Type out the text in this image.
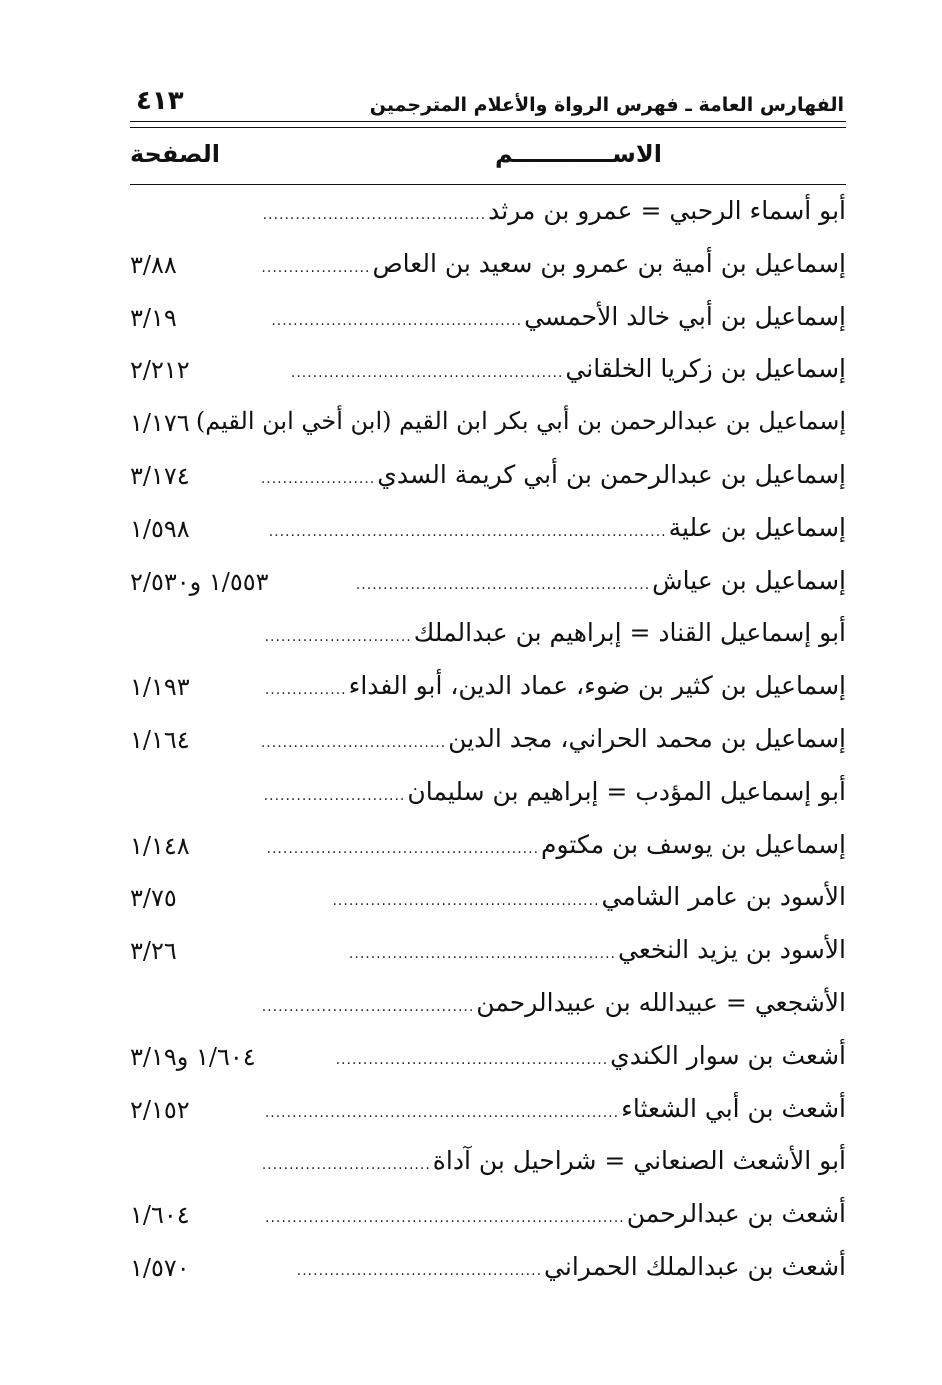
٤١٣	الفهارس العامة ـ فهرس الرواة والأعلام المترجمين
الصفحة	الاســــــــــــم
أبو أسماء الرحبي = عمرو بن مرثد
.........................................
إسماعيل بن أمية بن عمرو بن سعيد بن العاص
....................
٣/٨٨
إسماعيل بن أبي خالد الأحمسي
..............................................
٣/١٩
إسماعيل بن زكريا الخلقاني
..................................................
٢/٢١٢
إسماعيل بن عبدالرحمن بن أبي بكر ابن القيم (ابن أخي ابن القيم)
١/١٧٦
إسماعيل بن عبدالرحمن بن أبي كريمة السدي
.....................
٣/١٧٤
إسماعيل بن علية
.........................................................................
١/٥٩٨
إسماعيل بن عياش
......................................................
١/٥٥٣ و٢/٥٣٠
أبو إسماعيل القناد = إبراهيم بن عبدالملك
...........................
إسماعيل بن كثير بن ضوء، عماد الدين، أبو الفداء
...............
١/١٩٣
إسماعيل بن محمد الحراني، مجد الدين
..................................
١/١٦٤
أبو إسماعيل المؤدب = إبراهيم بن سليمان
..........................
إسماعيل بن يوسف بن مكتوم
..................................................
١/١٤٨
الأسود بن عامر الشامي
.................................................
٣/٧٥
الأسود بن يزيد النخعي
.................................................
٣/٢٦
الأشجعي = عبيدالله بن عبيدالرحمن
.......................................
أشعث بن سوار الكندي
..................................................
١/٦٠٤ و٣/١٩
أشعث بن أبي الشعثاء
.................................................................
٢/١٥٢
أبو الأشعث الصنعاني = شراحيل بن آداة
...............................
أشعث بن عبدالرحمن
..................................................................
١/٦٠٤
أشعث بن عبدالملك الحمراني
.............................................
١/٥٧٠
